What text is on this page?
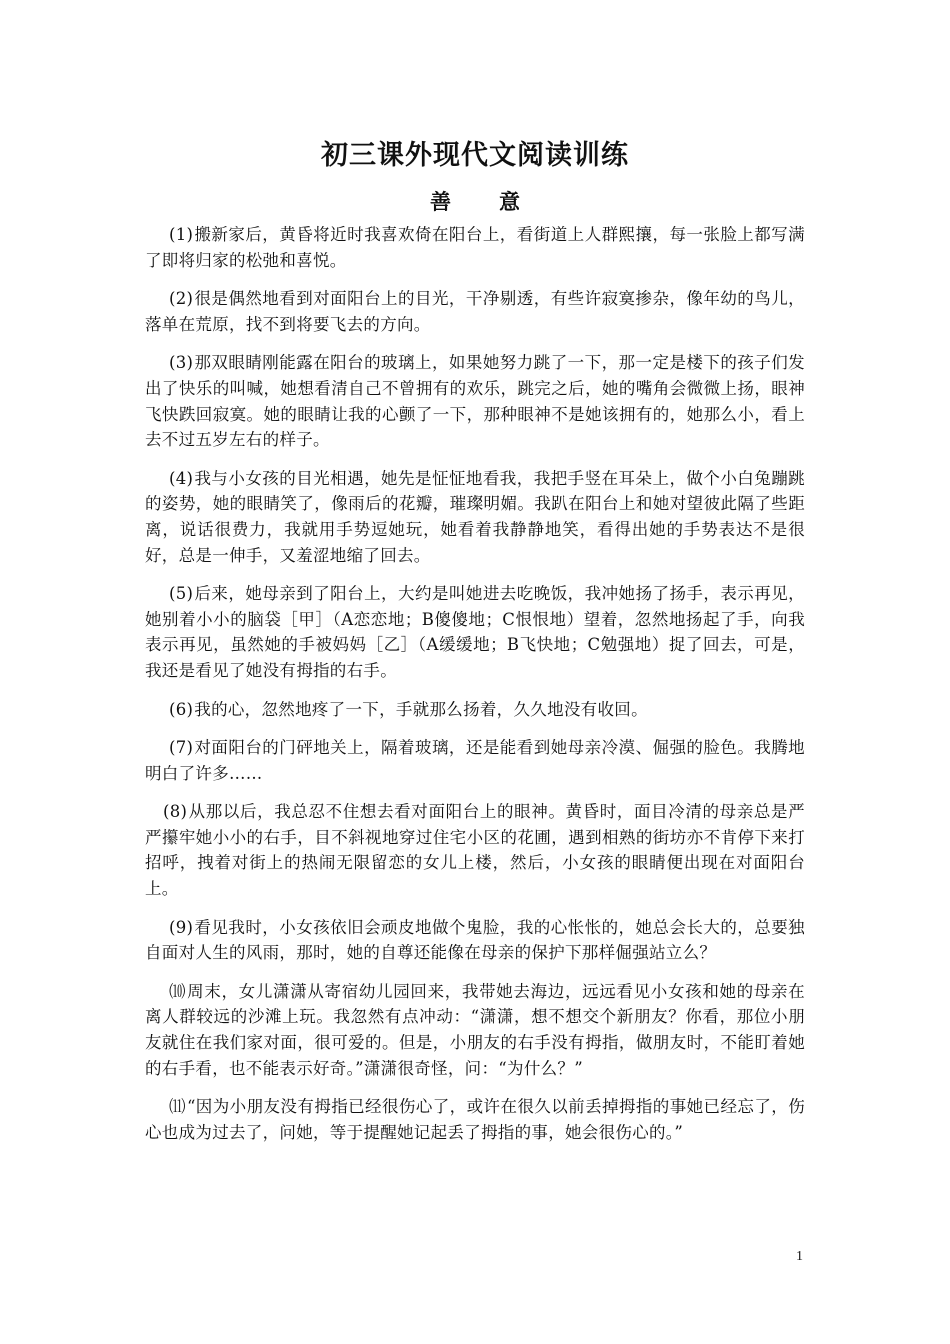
初三课外现代文阅读训练
善意

(1)搬新家后，黄昏将近时我喜欢倚在阳台上，看街道上人群熙攘，每一张脸上都写满了即将归家的松弛和喜悦。

(2)很是偶然地看到对面阳台上的目光，干净剔透，有些许寂寞掺杂，像年幼的鸟儿，落单在荒原，找不到将要飞去的方向。

(3)那双眼睛刚能露在阳台的玻璃上，如果她努力跳了一下，那一定是楼下的孩子们发出了快乐的叫喊，她想看清自己不曾拥有的欢乐，跳完之后，她的嘴角会微微上扬，眼神飞快跌回寂寞。她的眼睛让我的心颤了一下，那种眼神不是她该拥有的，她那么小，看上去不过五岁左右的样子。

(4)我与小女孩的目光相遇，她先是怔怔地看我，我把手竖在耳朵上，做个小白兔蹦跳的姿势，她的眼睛笑了，像雨后的花瓣，璀璨明媚。我趴在阳台上和她对望彼此隔了些距离，说话很费力，我就用手势逗她玩，她看着我静静地笑，看得出她的手势表达不是很好，总是一伸手，又羞涩地缩了回去。

(5)后来，她母亲到了阳台上，大约是叫她进去吃晚饭，我冲她扬了扬手，表示再见，她别着小小的脑袋［甲］（A恋恋地；B傻傻地；C恨恨地）望着，忽然地扬起了手，向我表示再见，虽然她的手被妈妈［乙］（A缓缓地；B飞快地；C勉强地）捉了回去，可是，我还是看见了她没有拇指的右手。

(6)我的心，忽然地疼了一下，手就那么扬着，久久地没有收回。

(7)对面阳台的门砰地关上，隔着玻璃，还是能看到她母亲冷漠、倔强的脸色。我腾地明白了许多……

(8)从那以后，我总忍不住想去看对面阳台上的眼神。黄昏时，面目冷清的母亲总是严严攥牢她小小的右手，目不斜视地穿过住宅小区的花圃，遇到相熟的街坊亦不肯停下来打招呼，拽着对街上的热闹无限留恋的女儿上楼，然后，小女孩的眼睛便出现在对面阳台上。

(9)看见我时，小女孩依旧会顽皮地做个鬼脸，我的心怅怅的，她总会长大的，总要独自面对人生的风雨，那时，她的自尊还能像在母亲的保护下那样倔强站立么？

⑽周末，女儿潇潇从寄宿幼儿园回来，我带她去海边，远远看见小女孩和她的母亲在离人群较远的沙滩上玩。我忽然有点冲动：“潇潇，想不想交个新朋友？你看，那位小朋友就住在我们家对面，很可爱的。但是，小朋友的右手没有拇指，做朋友时，不能盯着她的右手看，也不能表示好奇。”潇潇很奇怪，问：“为什么？”

⑾“因为小朋友没有拇指已经很伤心了，或许在很久以前丢掉拇指的事她已经忘了，伤心也成为过去了，问她，等于提醒她记起丢了拇指的事，她会很伤心的。”

1
